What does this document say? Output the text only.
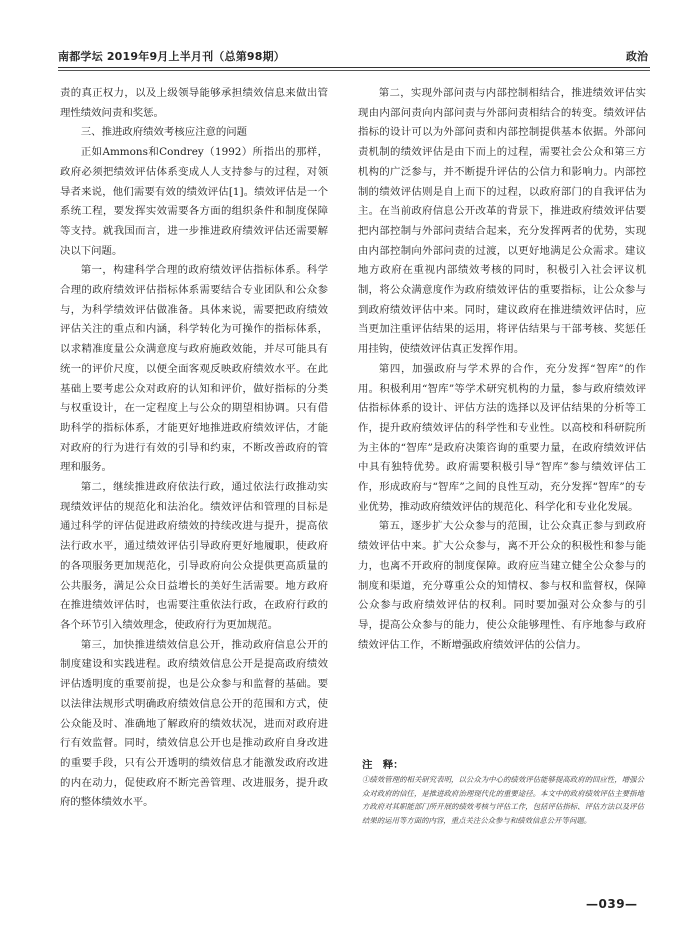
南都学坛 2019年9月上半月刊（总第98期）	政治

责的真正权力，以及上级领导能够承担绩效信息来做出管理性绩效问责和奖惩。

三、推进政府绩效考核应注意的问题

正如Ammons和Condrey（1992）所指出的那样，政府必须把绩效评估体系变成人人支持参与的过程，对领导者来说，他们需要有效的绩效评估[1]。绩效评估是一个系统工程，要发挥实效需要各方面的组织条件和制度保障等支持。就我国而言，进一步推进政府绩效评估还需要解决以下问题。

第一，构建科学合理的政府绩效评估指标体系。科学合理的政府绩效评估指标体系需要结合专业团队和公众参与，为科学绩效评估做准备。具体来说，需要把政府绩效评估关注的重点和内涵，科学转化为可操作的指标体系，以求精准度量公众满意度与政府施政效能，并尽可能具有统一的评价尺度，以便全面客观反映政府绩效水平。在此基础上要考虑公众对政府的认知和评价，做好指标的分类与权重设计，在一定程度上与公众的期望相协调。只有借助科学的指标体系，才能更好地推进政府绩效评估，才能对政府的行为进行有效的引导和约束，不断改善政府的管理和服务。

第二，继续推进政府依法行政，通过依法行政推动实现绩效评估的规范化和法治化。绩效评估和管理的目标是通过科学的评估促进政府绩效的持续改进与提升，提高依法行政水平，通过绩效评估引导政府更好地履职，使政府的各项服务更加规范化，引导政府向公众提供更高质量的公共服务，满足公众日益增长的美好生活需要。地方政府在推进绩效评估时，也需要注重依法行政，在政府行政的各个环节引入绩效理念，使政府行为更加规范。

第三，加快推进绩效信息公开，推动政府信息公开的制度建设和实践进程。政府绩效信息公开是提高政府绩效评估透明度的重要前提，也是公众参与和监督的基础。要以法律法规形式明确政府绩效信息公开的范围和方式，使公众能及时、准确地了解政府的绩效状况，进而对政府进行有效监督。同时，绩效信息公开也是推动政府自身改进的重要手段，只有公开透明的绩效信息才能激发政府改进的内在动力，促使政府不断完善管理、改进服务，提升政府的整体绩效水平。

第二，实现外部问责与内部控制相结合，推进绩效评估实现由内部问责向内部问责与外部问责相结合的转变。绩效评估指标的设计可以为外部问责和内部控制提供基本依据。外部问责机制的绩效评估是由下而上的过程，需要社会公众和第三方机构的广泛参与，并不断提升评估的公信力和影响力。内部控制的绩效评估则是自上而下的过程，以政府部门的自我评估为主。在当前政府信息公开改革的背景下，推进政府绩效评估要把内部控制与外部问责结合起来，充分发挥两者的优势，实现由内部控制向外部问责的过渡，以更好地满足公众需求。建议地方政府在重视内部绩效考核的同时，积极引入社会评议机制，将公众满意度作为政府绩效评估的重要指标，让公众参与到政府绩效评估中来。同时，建议政府在推进绩效评估时，应当更加注重评估结果的运用，将评估结果与干部考核、奖惩任用挂钩，使绩效评估真正发挥作用。

第四，加强政府与学术界的合作，充分发挥“智库”的作用。积极利用“智库”等学术研究机构的力量，参与政府绩效评估指标体系的设计、评估方法的选择以及评估结果的分析等工作，提升政府绩效评估的科学性和专业性。以高校和科研院所为主体的“智库”是政府决策咨询的重要力量，在政府绩效评估中具有独特优势。政府需要积极引导“智库”参与绩效评估工作，形成政府与“智库”之间的良性互动，充分发挥“智库”的专业优势，推动政府绩效评估的规范化、科学化和专业化发展。

第五，逐步扩大公众参与的范围，让公众真正参与到政府绩效评估中来。扩大公众参与，离不开公众的积极性和参与能力，也离不开政府的制度保障。政府应当建立健全公众参与的制度和渠道，充分尊重公众的知情权、参与权和监督权，保障公众参与政府绩效评估的权利。同时要加强对公众参与的引导，提高公众参与的能力，使公众能够理性、有序地参与政府绩效评估工作，不断增强政府绩效评估的公信力。

注　释：

①绩效管理的相关研究表明，以公众为中心的绩效评估能够提高政府的回应性，增强公众对政府的信任，是推进政府治理现代化的重要途径。本文中的政府绩效评估主要指地方政府对其职能部门所开展的绩效考核与评估工作，包括评估指标、评估方法以及评估结果的运用等方面的内容，重点关注公众参与和绩效信息公开等问题。

—039—
